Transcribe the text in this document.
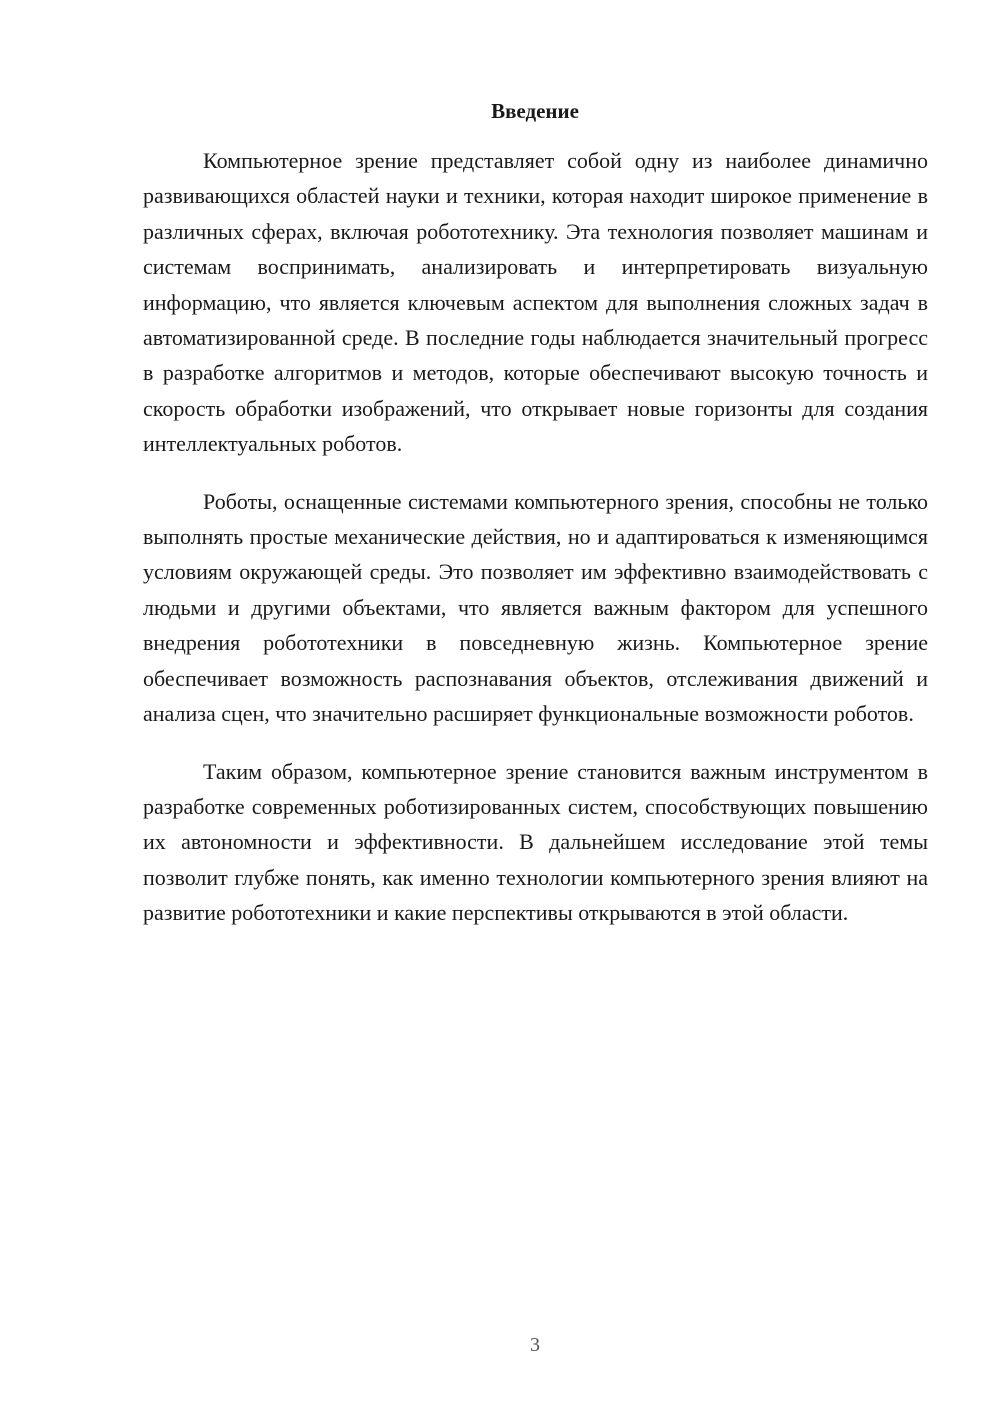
Введение

Компьютерное зрение представляет собой одну из наиболее динамично развивающихся областей науки и техники, которая находит широкое применение в различных сферах, включая робототехнику. Эта технология позволяет машинам и системам воспринимать, анализировать и интерпретировать визуальную информацию, что является ключевым аспектом для выполнения сложных задач в автоматизированной среде. В последние годы наблюдается значительный прогресс в разработке алгоритмов и методов, которые обеспечивают высокую точность и скорость обработки изображений, что открывает новые горизонты для создания интеллектуальных роботов.

Роботы, оснащенные системами компьютерного зрения, способны не только выполнять простые механические действия, но и адаптироваться к изменяющимся условиям окружающей среды. Это позволяет им эффективно взаимодействовать с людьми и другими объектами, что является важным фактором для успешного внедрения робототехники в повседневную жизнь. Компьютерное зрение обеспечивает возможность распознавания объектов, отслеживания движений и анализа сцен, что значительно расширяет функциональные возможности роботов.

Таким образом, компьютерное зрение становится важным инструментом в разработке современных роботизированных систем, способствующих повышению их автономности и эффективности. В дальнейшем исследование этой темы позволит глубже понять, как именно технологии компьютерного зрения влияют на развитие робототехники и какие перспективы открываются в этой области.

3
